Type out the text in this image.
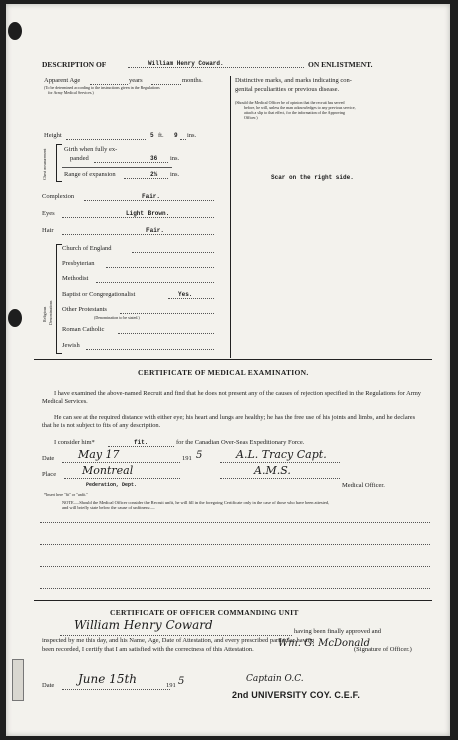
DESCRIPTION OF	William Henry Coward.	ON ENLISTMENT.
Apparent Age	years	months.
(To be determined according to the instructions given in the Regulations
for Army Medical Services.)
Height	5 ft. 9 ins.
Chest measurement	Girth when fully ex-
panded	36 ins.
Range of expansion	2½ ins.
Complexion	Fair.
Eyes	Light Brown.
Hair	Fair.
Religious Denominations
Church of England
Presbyterian
Methodist
Baptist or Congregationalist	Yes.
Other Protestants
(Denomination to be stated.)
Roman Catholic
Jewish
Distinctive marks, and marks indicating con-
genital peculiarities or previous disease.
(Should the Medical Officer be of opinion that the recruit has served
before, he will, unless the man acknowledges to any previous service,
attach a slip to that effect, for the information of the Approving
Officer.)
Scar on the right side.
CERTIFICATE OF MEDICAL EXAMINATION.
I have examined the above-named Recruit and find that he does not present any of the causes of rejection specified in the Regulations for Army Medical Services.
He can see at the required distance with either eye; his heart and lungs are healthy; he has the free use of his joints and limbs, and he declares that he is not subject to fits of any description.
I consider him*	fit.	for the Canadian Over-Seas Expeditionary Force.
Date May 17	191 5	A.L. Tracy Capt.
Place Montreal	A.M.S.
Pederation, Dept.	Medical Officer.
*Insert here "fit" or "unfit."
NOTE.—Should the Medical Officer consider the Recruit unfit, he will fill in the foregoing Certificate only in the case of those who have been attested,
and will briefly state below the cause of unfitness:—
CERTIFICATE OF OFFICER COMMANDING UNIT
William Henry Coward	having been finally approved and
inspected by me this day, and his Name, Age, Date of Attestation, and every prescribed particular having
been recorded, I certify that I am satisfied with the correctness of this Attestation.
Wm. G. McDonald
(Signature of Officer.)
Date June 15th	191 5	Captain O.C.
2nd UNIVERSITY COY. C.E.F.
